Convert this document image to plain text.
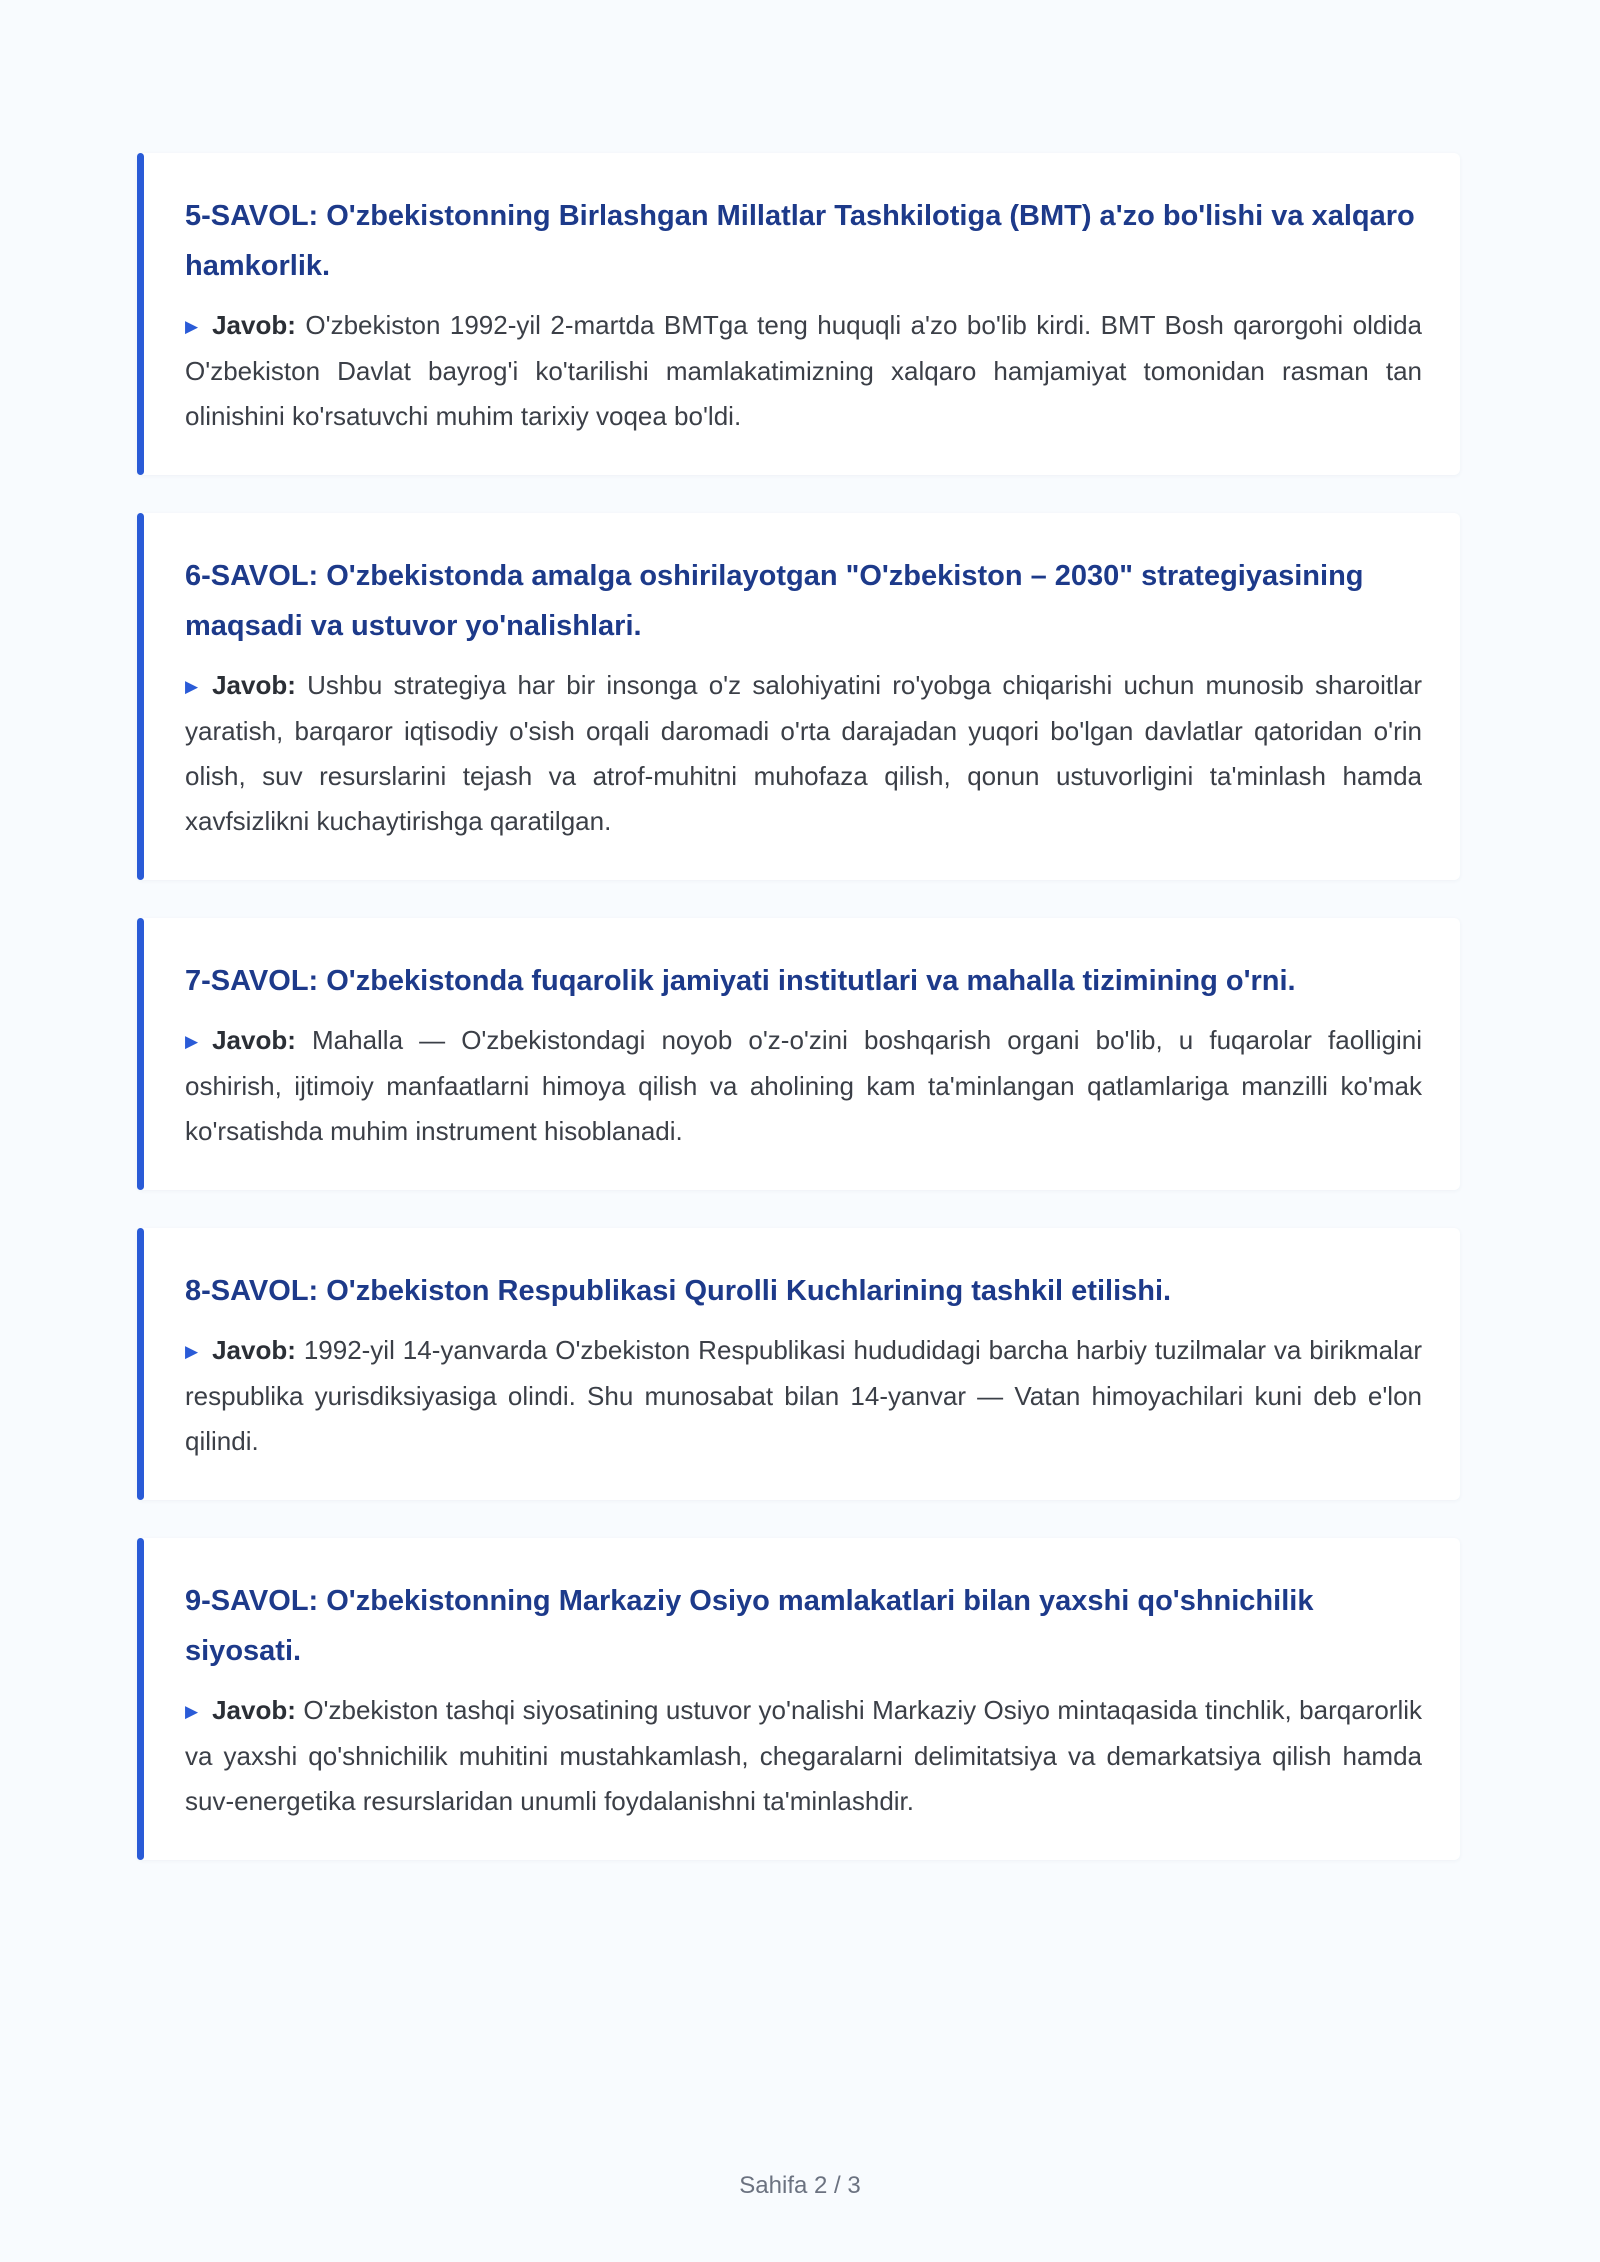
5-SAVOL: O'zbekistonning Birlashgan Millatlar Tashkilotiga (BMT) a'zo bo'lishi va xalqaro hamkorlik.

▶ Javob: O'zbekiston 1992-yil 2-martda BMTga teng huquqli a'zo bo'lib kirdi. BMT Bosh qarorgohi oldida O'zbekiston Davlat bayrog'i ko'tarilishi mamlakatimizning xalqaro hamjamiyat tomonidan rasman tan olinishini ko'rsatuvchi muhim tarixiy voqea bo'ldi.

6-SAVOL: O'zbekistonda amalga oshirilayotgan "O'zbekiston – 2030" strategiyasining maqsadi va ustuvor yo'nalishlari.

▶ Javob: Ushbu strategiya har bir insonga o'z salohiyatini ro'yobga chiqarishi uchun munosib sharoitlar yaratish, barqaror iqtisodiy o'sish orqali daromadi o'rta darajadan yuqori bo'lgan davlatlar qatoridan o'rin olish, suv resurslarini tejash va atrof-muhitni muhofaza qilish, qonun ustuvorligini ta'minlash hamda xavfsizlikni kuchaytirishga qaratilgan.

7-SAVOL: O'zbekistonda fuqarolik jamiyati institutlari va mahalla tizimining o'rni.

▶ Javob: Mahalla — O'zbekistondagi noyob o'z-o'zini boshqarish organi bo'lib, u fuqarolar faolligini oshirish, ijtimoiy manfaatlarni himoya qilish va aholining kam ta'minlangan qatlamlariga manzilli ko'mak ko'rsatishda muhim instrument hisoblanadi.

8-SAVOL: O'zbekiston Respublikasi Qurolli Kuchlarining tashkil etilishi.

▶ Javob: 1992-yil 14-yanvarda O'zbekiston Respublikasi hududidagi barcha harbiy tuzilmalar va birikmalar respublika yurisdiksiyasiga olindi. Shu munosabat bilan 14-yanvar — Vatan himoyachilari kuni deb e'lon qilindi.

9-SAVOL: O'zbekistonning Markaziy Osiyo mamlakatlari bilan yaxshi qo'shnichilik siyosati.

▶ Javob: O'zbekiston tashqi siyosatining ustuvor yo'nalishi Markaziy Osiyo mintaqasida tinchlik, barqarorlik va yaxshi qo'shnichilik muhitini mustahkamlash, chegaralarni delimitatsiya va demarkatsiya qilish hamda suv-energetika resurslaridan unumli foydalanishni ta'minlashdir.

Sahifa 2 / 3
